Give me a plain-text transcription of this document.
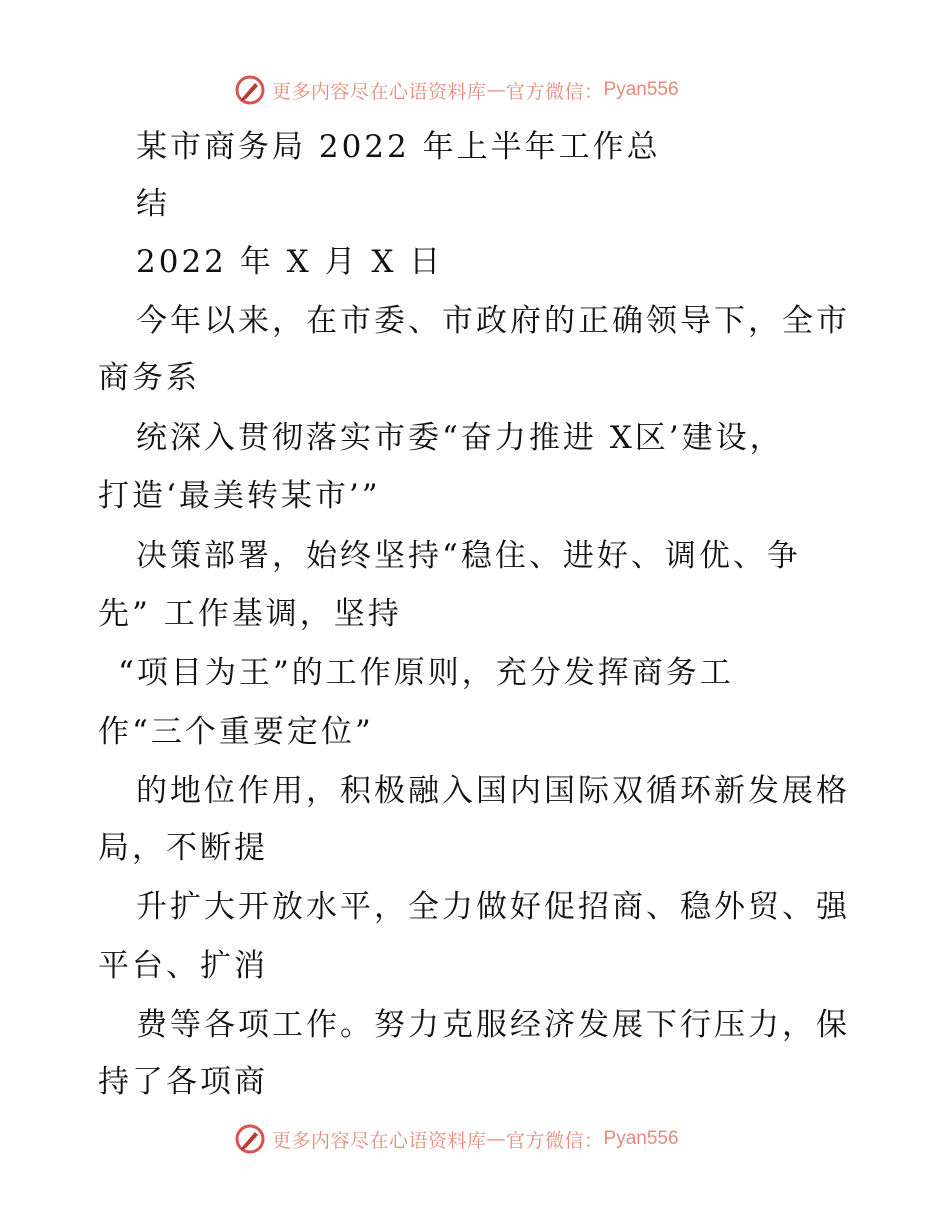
更多内容尽在心语资料库 — 官方微信： Pyan556
某市商务局 2022 年上半年工作总
结
2022 年 X 月 X 日
今年以来，在市委、市政府的正确领导下，全市
商务系
统深入贯彻落实市委“奋力推进 X区’建设，
打造‘最美转某市’”
决策部署，始终坚持“稳住、进好、调优、争
先” 工作基调，坚持
“项目为王”的工作原则，充分发挥商务工
作“三个重要定位”
的地位作用，积极融入国内国际双循环新发展格
局，不断提
升扩大开放水平，全力做好促招商、稳外贸、强
平台、扩消
费等各项工作。努力克服经济发展下行压力，保
持了各项商
更多内容尽在心语资料库 — 官方微信： Pyan556
